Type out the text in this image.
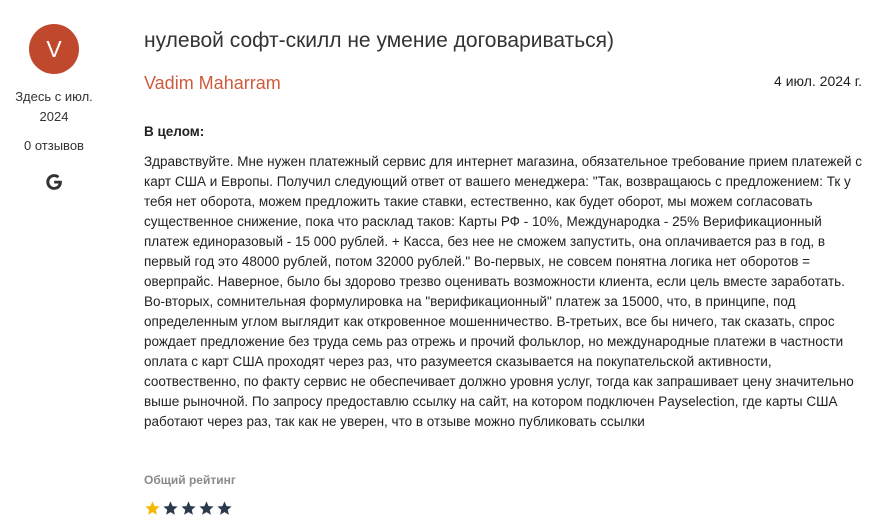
V
Здесь с июл.
2024
0 отзывов
нулевой софт-скилл не умение договариваться)
Vadim Maharram	4 июл. 2024 г.
В целом:

Здравствуйте. Мне нужен платежный сервис для интернет магазина, обязательное требование прием платежей с карт США и Европы. Получил следующий ответ от вашего менеджера: "Так, возвращаюсь с предложением: Тк у тебя нет оборота, можем предложить такие ставки, естественно, как будет оборот, мы можем согласовать существенное снижение, пока что расклад таков: Карты РФ - 10%, Международка - 25% Верификационный платеж единоразовый - 15 000 рублей. + Касса, без нее не сможем запустить, она оплачивается раз в год, в первый год это 48000 рублей, потом 32000 рублей." Во-первых, не совсем понятна логика нет оборотов = оверпрайс. Наверное, было бы здорово трезво оценивать возможности клиента, если цель вместе заработать. Во-вторых, сомнительная формулировка на "верификационный" платеж за 15000, что, в принципе, под определенным углом выглядит как откровенное мошенничество. В-третьих, все бы ничего, так сказать, спрос рождает предложение без труда семь раз отрежь и прочий фольклор, но международные платежи в частности оплата с карт США проходят через раз, что разумеется сказывается на покупательской активности, соотвественно, по факту сервис не обеспечивает должно уровня услуг, тогда как запрашивает цену значительно выше рыночной. По запросу предоставлю ссылку на сайт, на котором подключен Payselection, где карты США работают через раз, так как не уверен, что в отзыве можно публиковать ссылки

Общий рейтинг
